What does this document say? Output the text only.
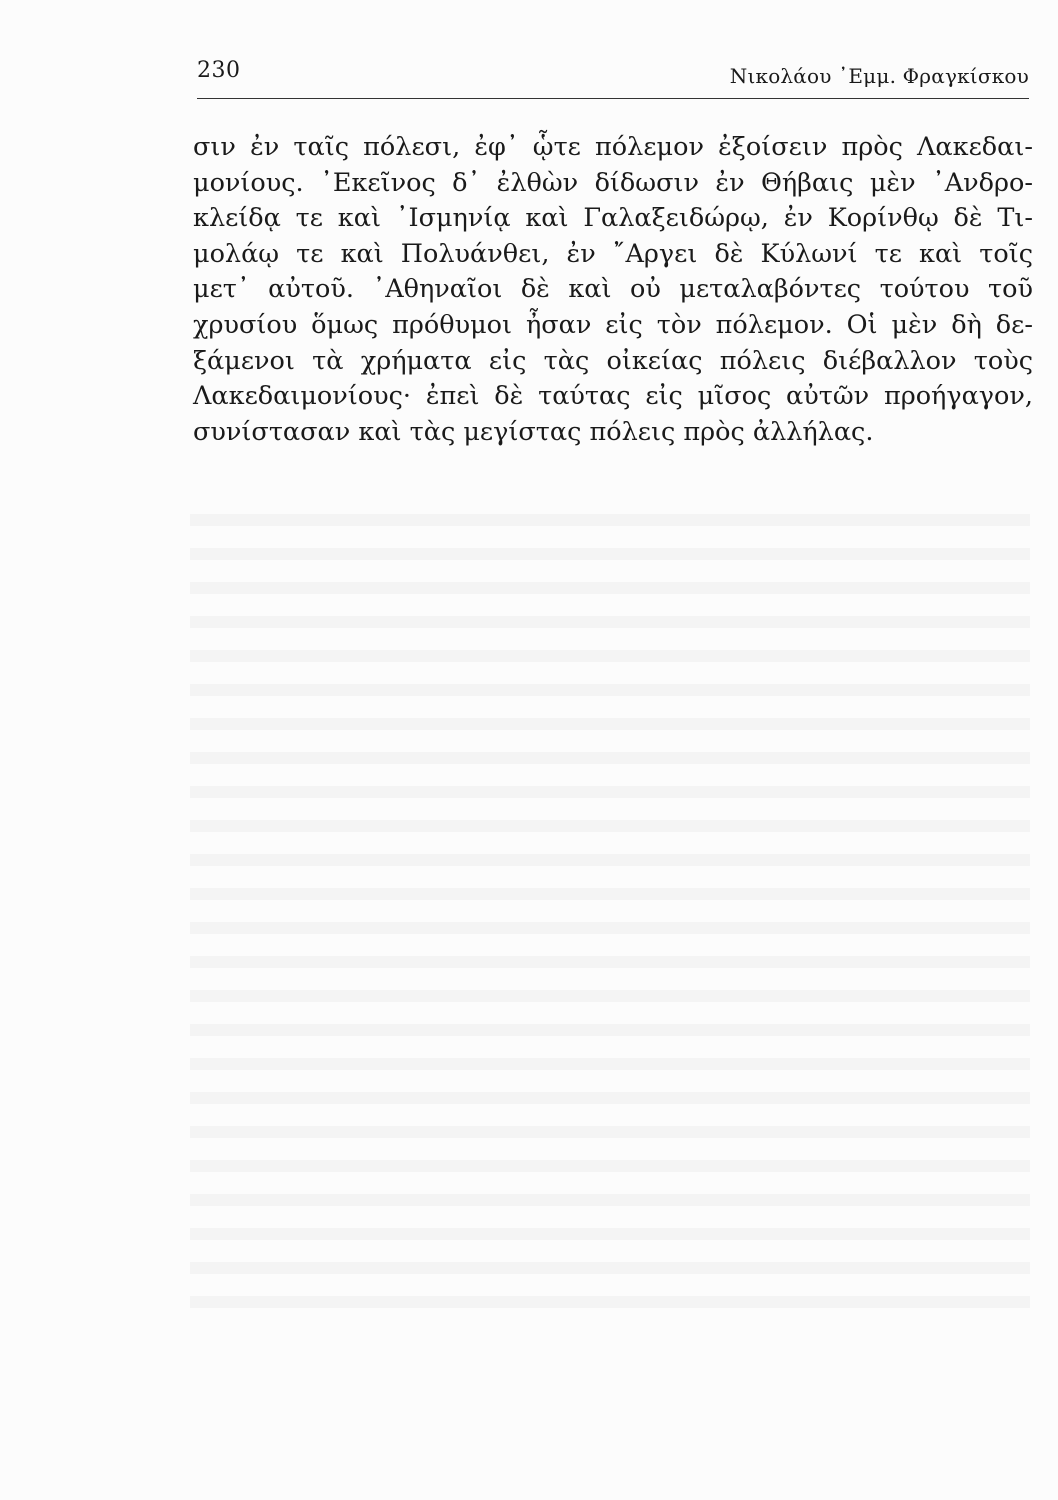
230	Νικολάου ᾽Εμμ. Φραγκίσκου
σιν ἐν ταῖς πόλεσι, ἐφ᾽ ᾧτε πόλεμον ἐξοίσειν πρὸς Λακεδαι-
μονίους. ᾽Εκεῖνος δ᾽ ἐλθὼν δίδωσιν ἐν Θήβαις μὲν ᾽Ανδρο-
κλείδᾳ τε καὶ ᾽Ισμηνίᾳ καὶ Γαλαξειδώρῳ, ἐν Κορίνθῳ δὲ Τι-
μολάῳ τε καὶ Πολυάνθει, ἐν ῎Αργει δὲ Κύλωνί τε καὶ τοῖς
μετ᾽ αὐτοῦ. ᾽Αθηναῖοι δὲ καὶ οὐ μεταλαβόντες τούτου τοῦ
χρυσίου ὅμως πρόθυμοι ἦσαν εἰς τὸν πόλεμον. Οἱ μὲν δὴ δε-
ξάμενοι τὰ χρήματα εἰς τὰς οἰκείας πόλεις διέβαλλον τοὺς
Λακεδαιμονίους· ἐπεὶ δὲ ταύτας εἰς μῖσος αὐτῶν προήγαγον,
συνίστασαν καὶ τὰς μεγίστας πόλεις πρὸς ἀλλήλας.
